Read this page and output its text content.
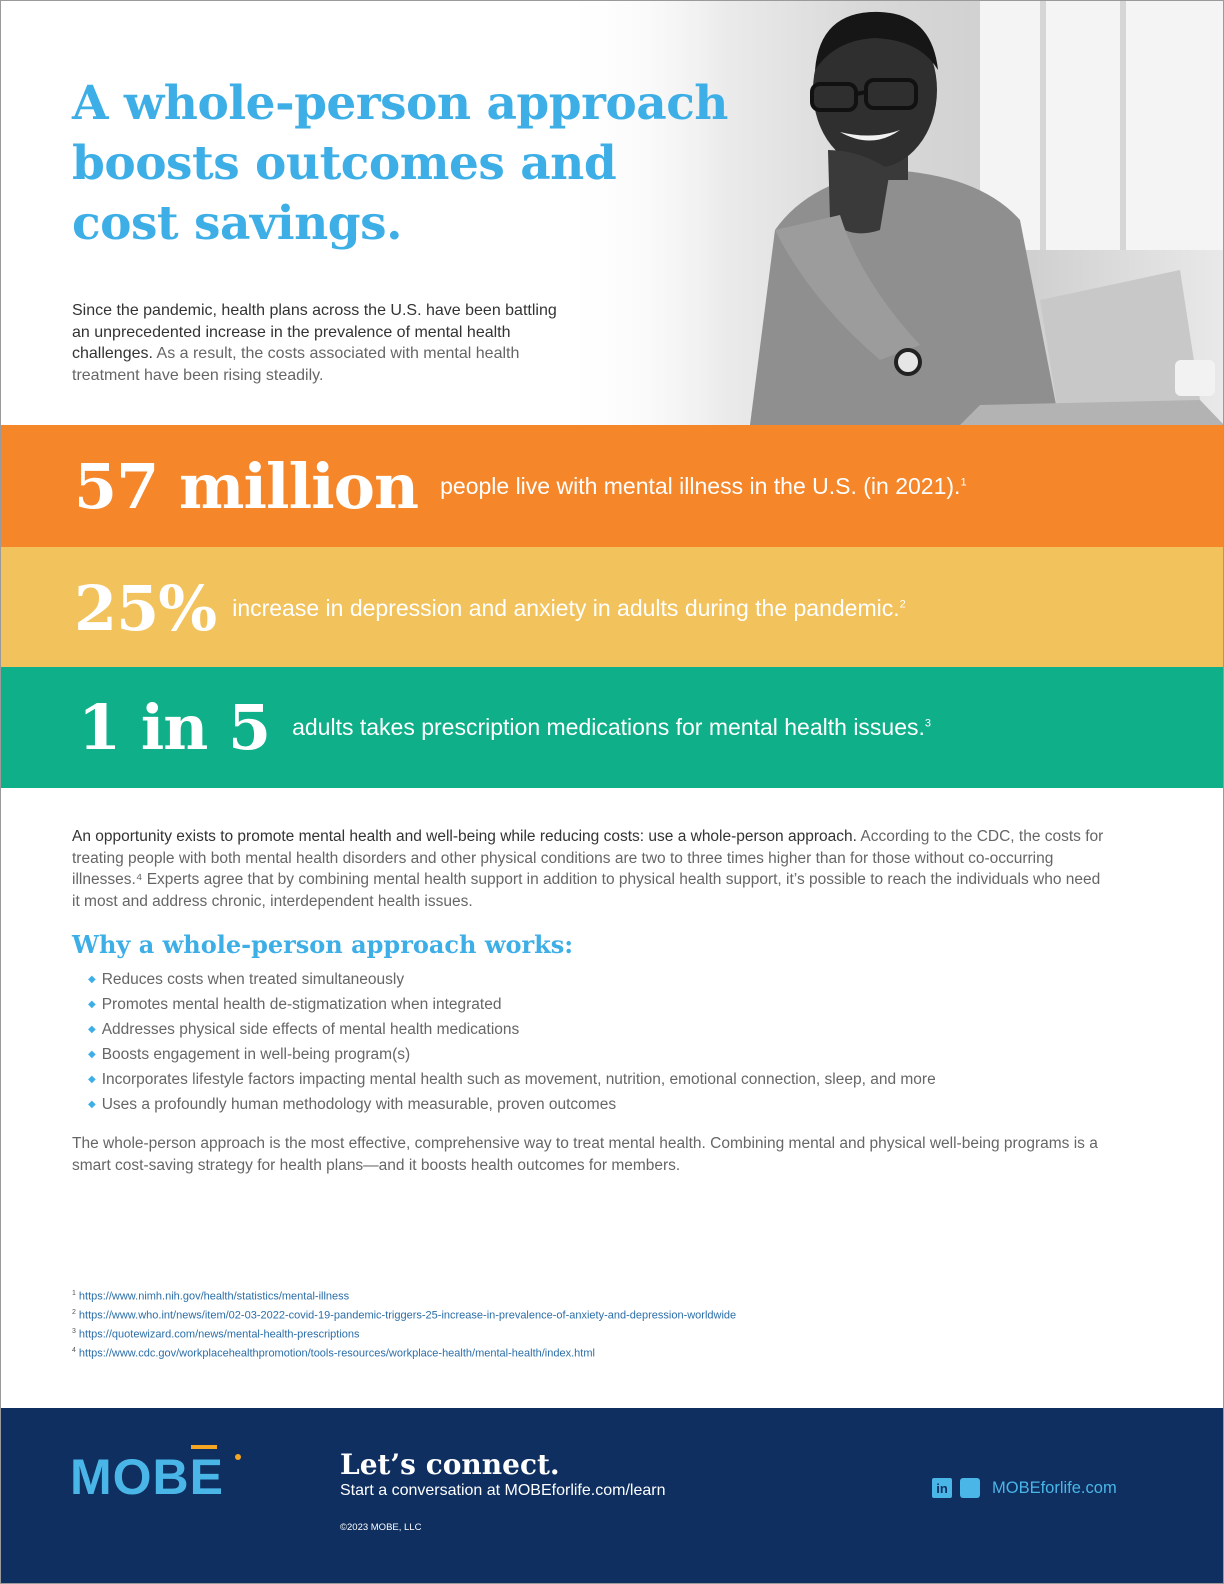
A whole-person approach
boosts outcomes and
cost savings.

Since the pandemic, health plans across the U.S. have been battling an unprecedented increase in the prevalence of mental health challenges. As a result, the costs associated with mental health treatment have been rising steadily.

57 million people live with mental illness in the U.S. (in 2021).$^1$
25% increase in depression and anxiety in adults during the pandemic.$^2$
1 in 5 adults takes prescription medications for mental health issues.$^3$

An opportunity exists to promote mental health and well-being while reducing costs: use a whole-person approach. According to the CDC, the costs for treating people with both mental health disorders and other physical conditions are two to three times higher than for those without co-occurring illnesses.⁴ Experts agree that by combining mental health support in addition to physical health support, it’s possible to reach the individuals who need it most and address chronic, interdependent health issues.

Why a whole-person approach works:
◆ Reduces costs when treated simultaneously
◆ Promotes mental health de-stigmatization when integrated
◆ Addresses physical side effects of mental health medications
◆ Boosts engagement in well-being program(s)
◆ Incorporates lifestyle factors impacting mental health such as movement, nutrition, emotional connection, sleep, and more
◆ Uses a profoundly human methodology with measurable, proven outcomes

The whole-person approach is the most effective, comprehensive way to treat mental health. Combining mental and physical well-being programs is a smart cost-saving strategy for health plans—and it boosts health outcomes for members.

$^1$ https://www.nimh.nih.gov/health/statistics/mental-illness
$^2$ https://www.who.int/news/item/02-03-2022-covid-19-pandemic-triggers-25-increase-in-prevalence-of-anxiety-and-depression-worldwide
$^3$ https://quotewizard.com/news/mental-health-prescriptions
$^4$ https://www.cdc.gov/workplacehealthpromotion/tools-resources/workplace-health/mental-health/index.html
MOBE	Let’s connect.
Start a conversation at MOBEforlife.com/learn
©2023 MOBE, LLC
in	MOBEforlife.com
